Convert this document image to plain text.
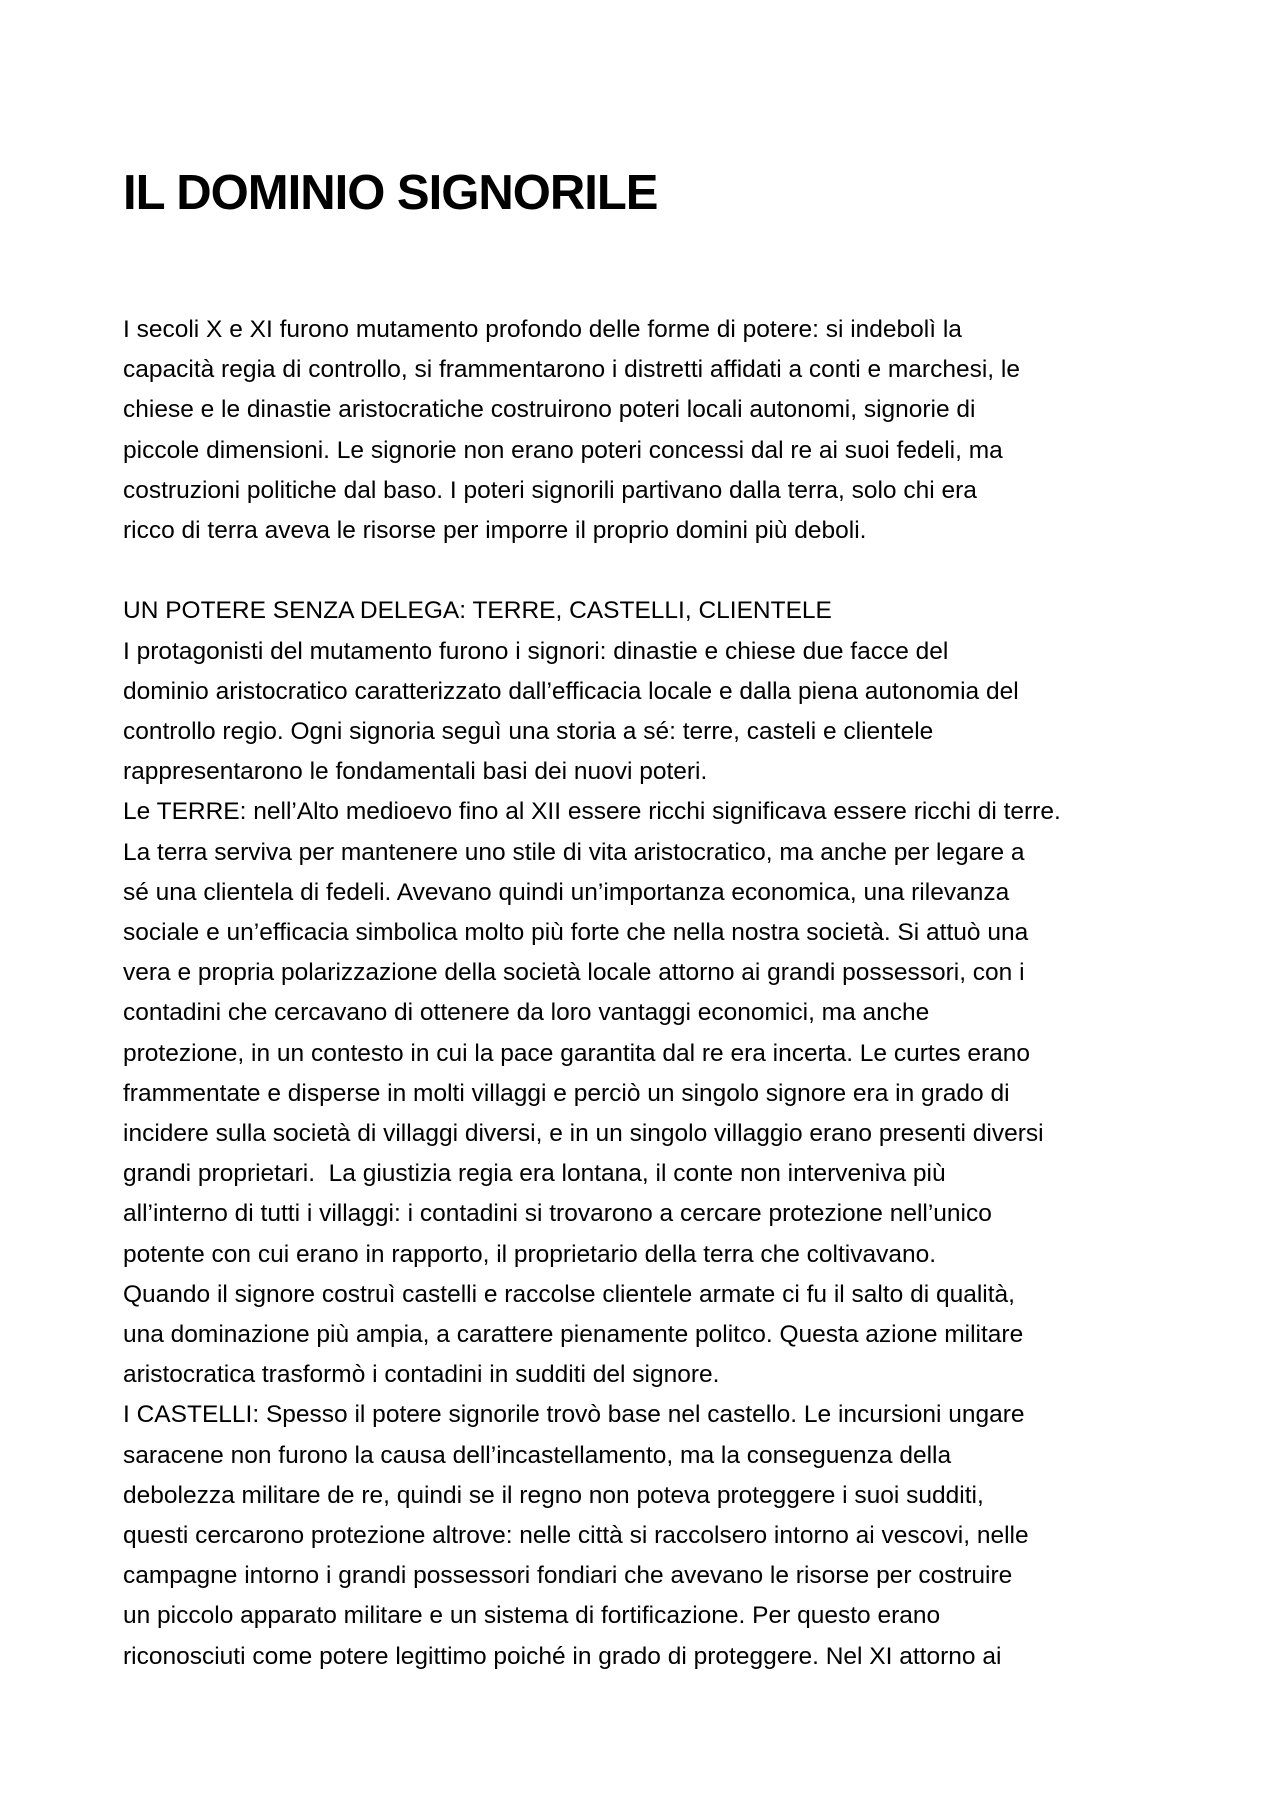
IL DOMINIO SIGNORILE
I secoli X e XI furono mutamento profondo delle forme di potere: si indebolì la
capacità regia di controllo, si frammentarono i distretti affidati a conti e marchesi, le
chiese e le dinastie aristocratiche costruirono poteri locali autonomi, signorie di
piccole dimensioni. Le signorie non erano poteri concessi dal re ai suoi fedeli, ma
costruzioni politiche dal baso. I poteri signorili partivano dalla terra, solo chi era
ricco di terra aveva le risorse per imporre il proprio domini più deboli.
UN POTERE SENZA DELEGA: TERRE, CASTELLI, CLIENTELE
I protagonisti del mutamento furono i signori: dinastie e chiese due facce del
dominio aristocratico caratterizzato dall’efficacia locale e dalla piena autonomia del
controllo regio. Ogni signoria seguì una storia a sé: terre, casteli e clientele
rappresentarono le fondamentali basi dei nuovi poteri.
Le TERRE: nell’Alto medioevo fino al XII essere ricchi significava essere ricchi di terre.
La terra serviva per mantenere uno stile di vita aristocratico, ma anche per legare a
sé una clientela di fedeli. Avevano quindi un’importanza economica, una rilevanza
sociale e un’efficacia simbolica molto più forte che nella nostra società. Si attuò una
vera e propria polarizzazione della società locale attorno ai grandi possessori, con i
contadini che cercavano di ottenere da loro vantaggi economici, ma anche
protezione, in un contesto in cui la pace garantita dal re era incerta. Le curtes erano
frammentate e disperse in molti villaggi e perciò un singolo signore era in grado di
incidere sulla società di villaggi diversi, e in un singolo villaggio erano presenti diversi
grandi proprietari.  La giustizia regia era lontana, il conte non interveniva più
all’interno di tutti i villaggi: i contadini si trovarono a cercare protezione nell’unico
potente con cui erano in rapporto, il proprietario della terra che coltivavano.
Quando il signore costruì castelli e raccolse clientele armate ci fu il salto di qualità,
una dominazione più ampia, a carattere pienamente politco. Questa azione militare
aristocratica trasformò i contadini in sudditi del signore.
I CASTELLI: Spesso il potere signorile trovò base nel castello. Le incursioni ungare
saracene non furono la causa dell’incastellamento, ma la conseguenza della
debolezza militare de re, quindi se il regno non poteva proteggere i suoi sudditi,
questi cercarono protezione altrove: nelle città si raccolsero intorno ai vescovi, nelle
campagne intorno i grandi possessori fondiari che avevano le risorse per costruire
un piccolo apparato militare e un sistema di fortificazione. Per questo erano
riconosciuti come potere legittimo poiché in grado di proteggere. Nel XI attorno ai
